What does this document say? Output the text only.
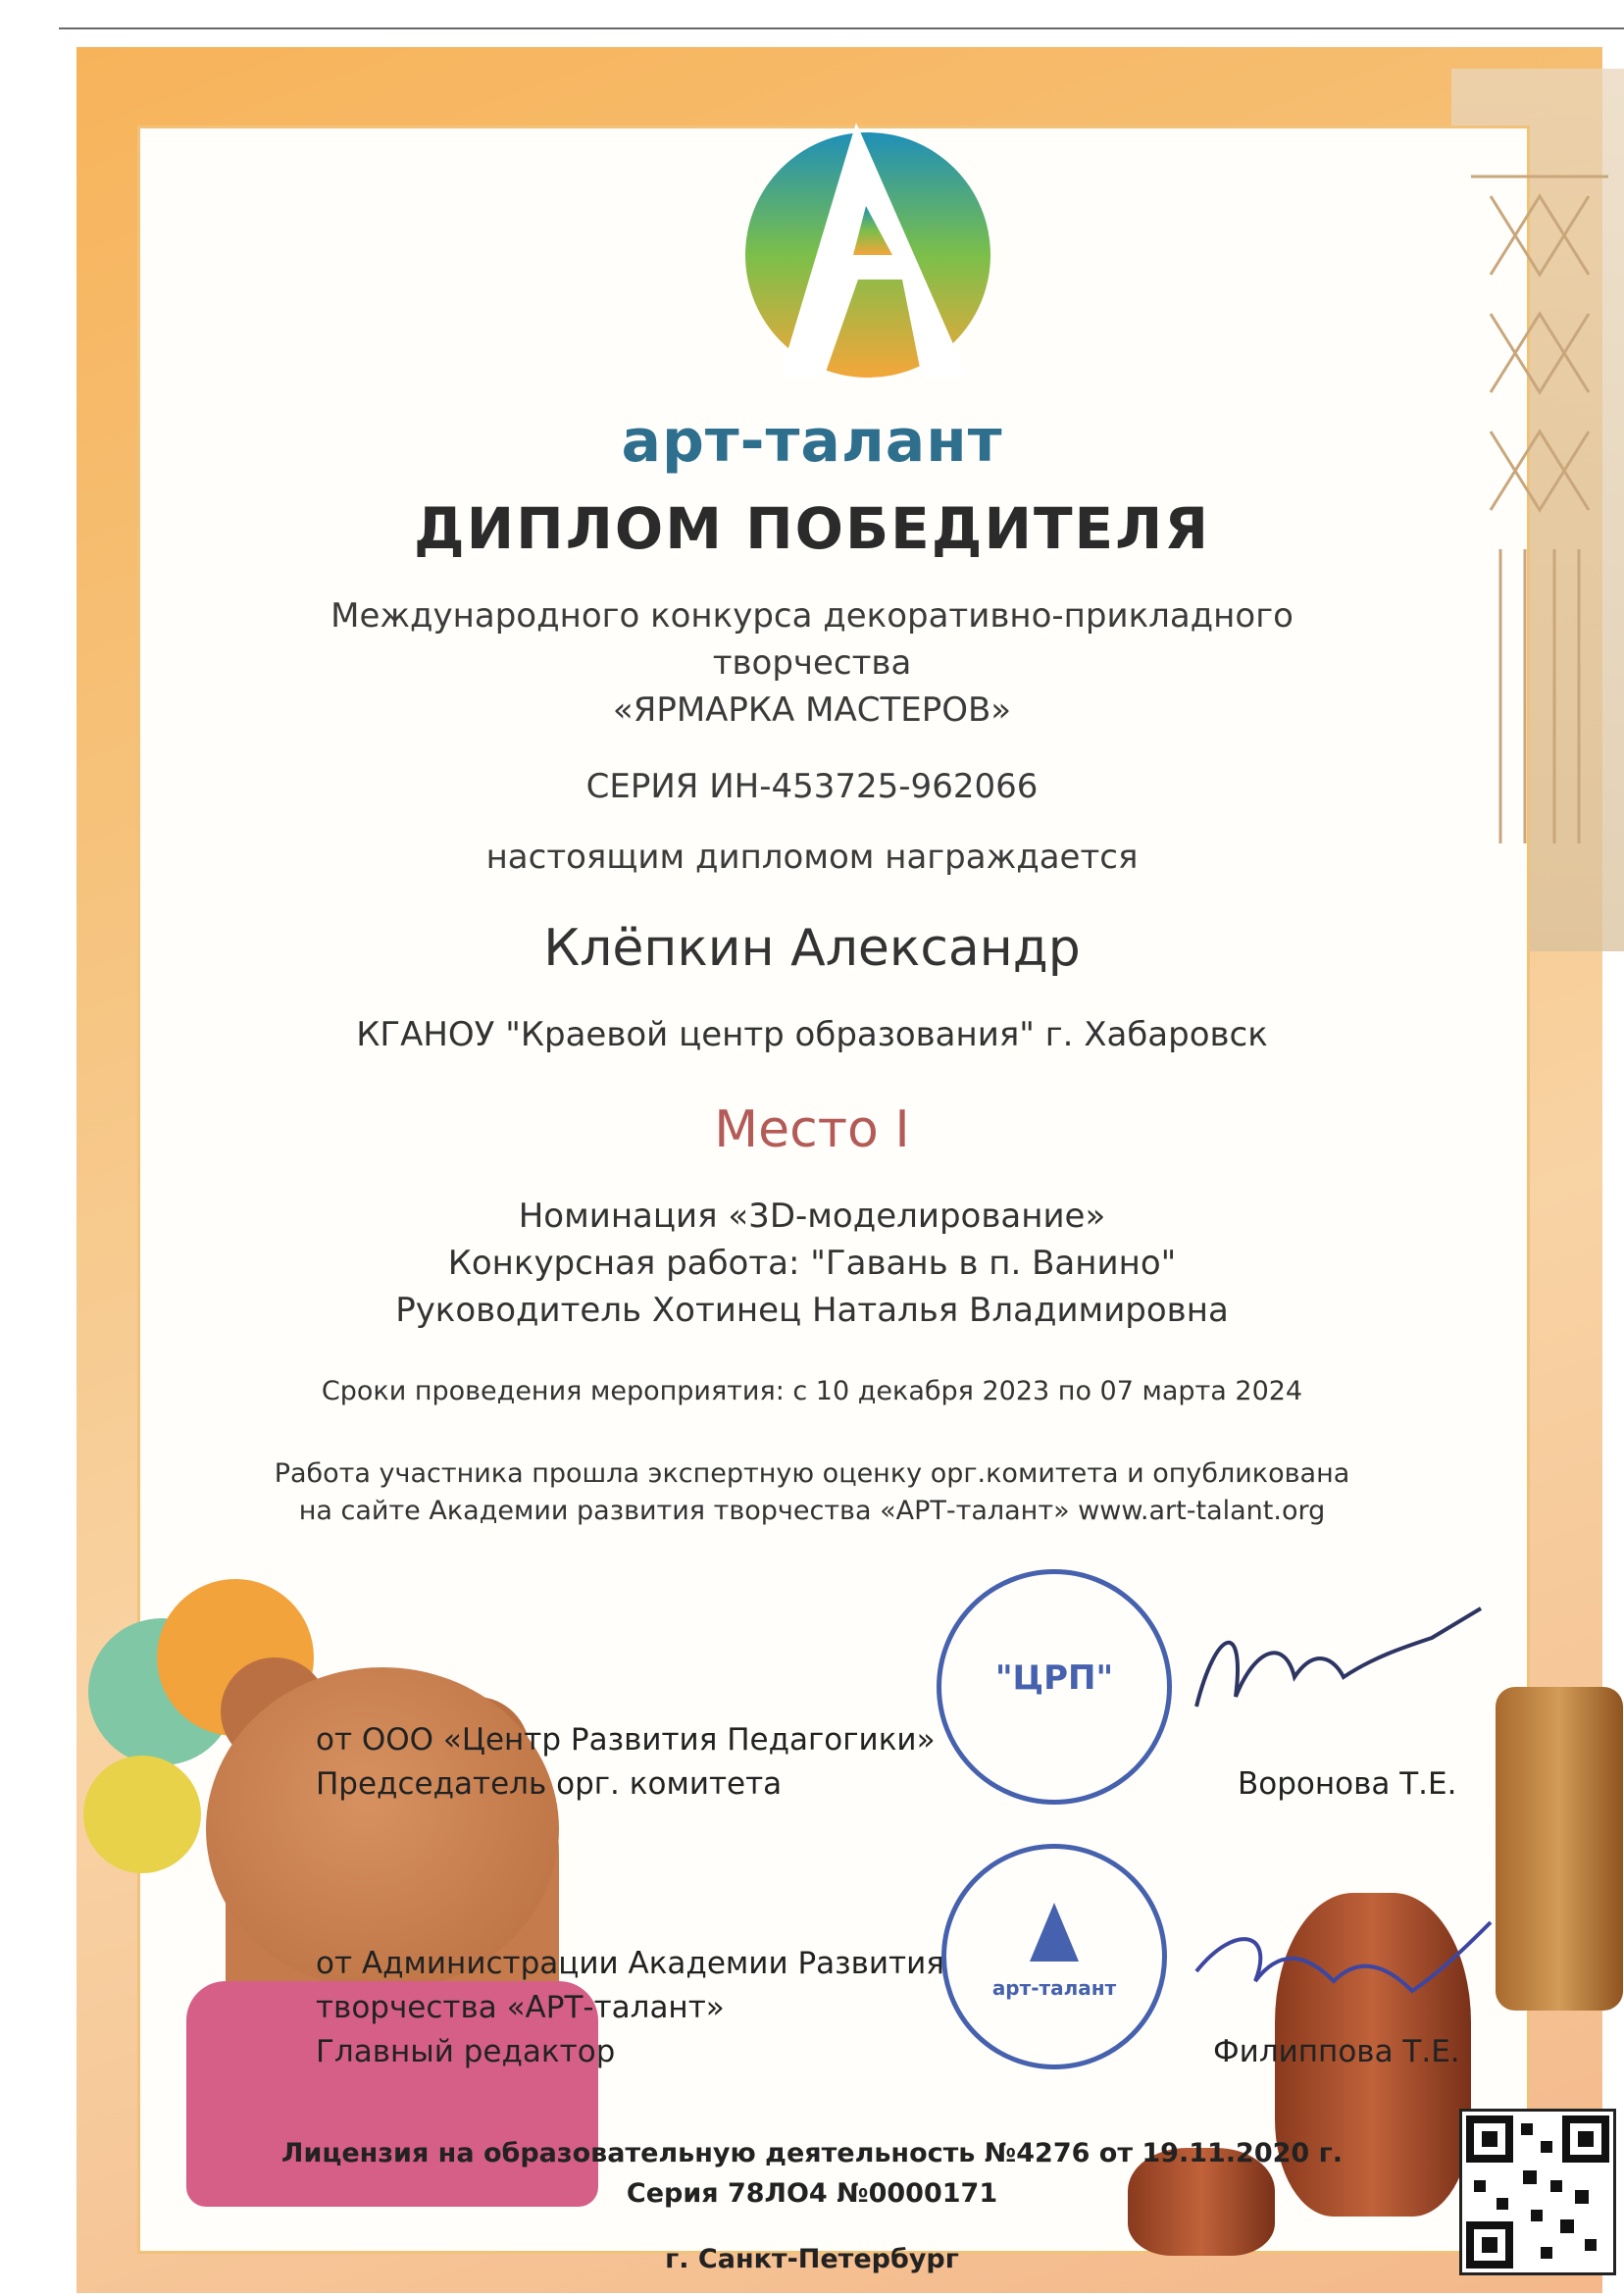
арт-талант
ДИПЛОМ ПОБЕДИТЕЛЯ
Международного конкурса декоративно-прикладного
творчества
«ЯРМАРКА МАСТЕРОВ»
СЕРИЯ ИН-453725-962066
настоящим дипломом награждается
Клёпкин Александр
КГАНОУ "Краевой центр образования" г. Хабаровск
Место I
Номинация «3D-моделирование»
Конкурсная работа: "Гавань в п. Ванино"
Руководитель Хотинец Наталья Владимировна
Сроки проведения мероприятия: с 10 декабря 2023 по 07 марта 2024
Работа участника прошла экспертную оценку орг.комитета и опубликована
на сайте Академии развития творчества «АРТ-талант» www.art-talant.org
от ООО «Центр Развития Педагогики»
Председатель орг. комитета
"ЦРП"
Воронова Т.Е.
от Администрации Академии Развития
творчества «АРТ-талант»
Главный редактор
арт-талант
Филиппова Т.Е.
Лицензия на образовательную деятельность №4276 от 19.11.2020 г.
Серия 78ЛО4 №0000171
г. Санкт-Петербург
